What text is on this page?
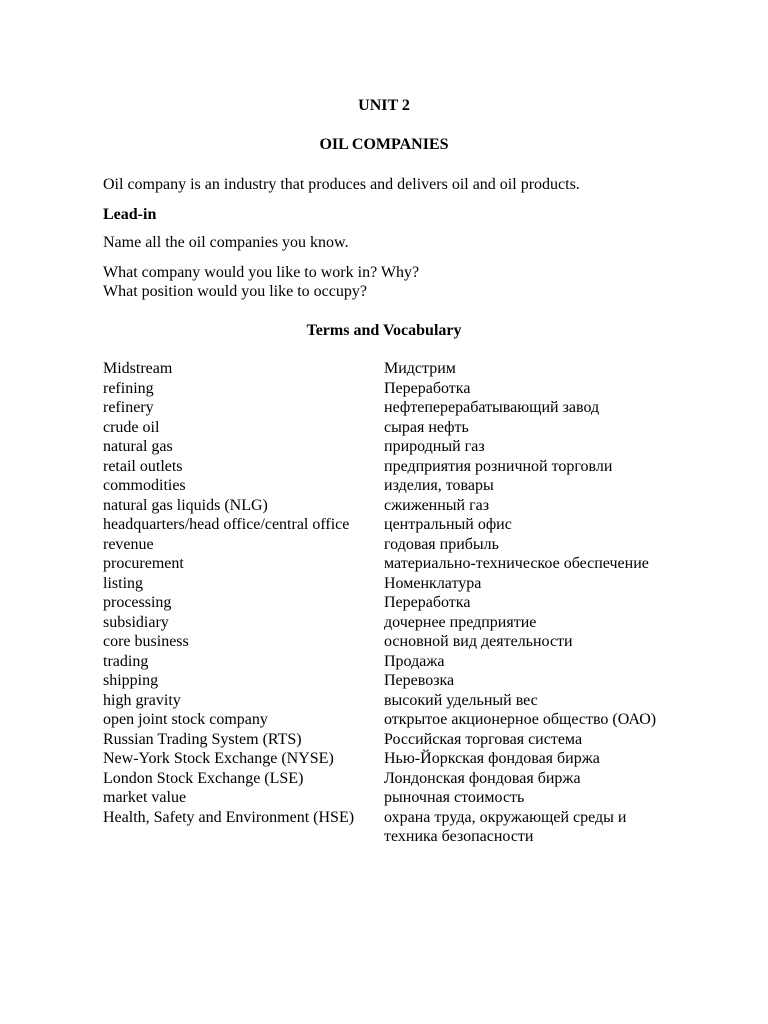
UNIT 2
OIL COMPANIES
Oil company is an industry that produces and delivers oil and oil products.
Lead-in
Name all the oil companies you know.
What company would you like to work in? Why?
What position would you like to occupy?
Terms and Vocabulary
Midstream	Мидстрим
refining	Переработка
refinery	нефтеперерабатывающий завод
crude oil	сырая нефть
natural gas	природный газ
retail outlets	предприятия розничной торговли
commodities	изделия, товары
natural gas liquids (NLG)	сжиженный газ
headquarters/head office/central office	центральный офис
revenue	годовая прибыль
procurement	материально-техническое обеспечение
listing	Номенклатура
processing	Переработка
subsidiary	дочернее предприятие
core business	основной вид деятельности
trading	Продажа
shipping	Перевозка
high gravity	высокий удельный вес
open joint stock company	открытое акционерное общество (ОАО)
Russian Trading System (RTS)	Российская торговая система
New-York Stock Exchange (NYSE)	Нью-Йоркская фондовая биржа
London Stock Exchange (LSE)	Лондонская фондовая биржа
market value	рыночная стоимость
Health, Safety and Environment (HSE)	охрана труда, окружающей среды и техника безопасности
